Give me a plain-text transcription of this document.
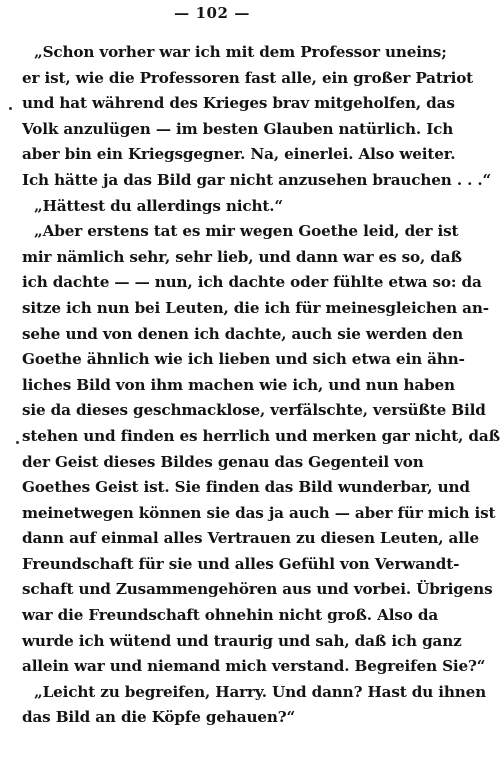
— 102 —
„Schon vorher war ich mit dem Professor uneins;
er ist, wie die Professoren fast alle, ein großer Patriot
und hat während des Krieges brav mitgeholfen, das
Volk anzulügen — im besten Glauben natürlich. Ich
aber bin ein Kriegsgegner. Na, einerlei. Also weiter.
Ich hätte ja das Bild gar nicht anzusehen brauchen . . .“
„Hättest du allerdings nicht.“
„Aber erstens tat es mir wegen Goethe leid, der ist
mir nämlich sehr, sehr lieb, und dann war es so, daß
ich dachte — — nun, ich dachte oder fühlte etwa so: da
sitze ich nun bei Leuten, die ich für meinesgleichen an-
sehe und von denen ich dachte, auch sie werden den
Goethe ähnlich wie ich lieben und sich etwa ein ähn-
liches Bild von ihm machen wie ich, und nun haben
sie da dieses geschmacklose, verfälschte, versüßte Bild
stehen und finden es herrlich und merken gar nicht, daß
der Geist dieses Bildes genau das Gegenteil von
Goethes Geist ist. Sie finden das Bild wunderbar, und
meinetwegen können sie das ja auch — aber für mich ist
dann auf einmal alles Vertrauen zu diesen Leuten, alle
Freundschaft für sie und alles Gefühl von Verwandt-
schaft und Zusammengehören aus und vorbei. Übrigens
war die Freundschaft ohnehin nicht groß. Also da
wurde ich wütend und traurig und sah, daß ich ganz
allein war und niemand mich verstand. Begreifen Sie?“
„Leicht zu begreifen, Harry. Und dann? Hast du ihnen
das Bild an die Köpfe gehauen?“
